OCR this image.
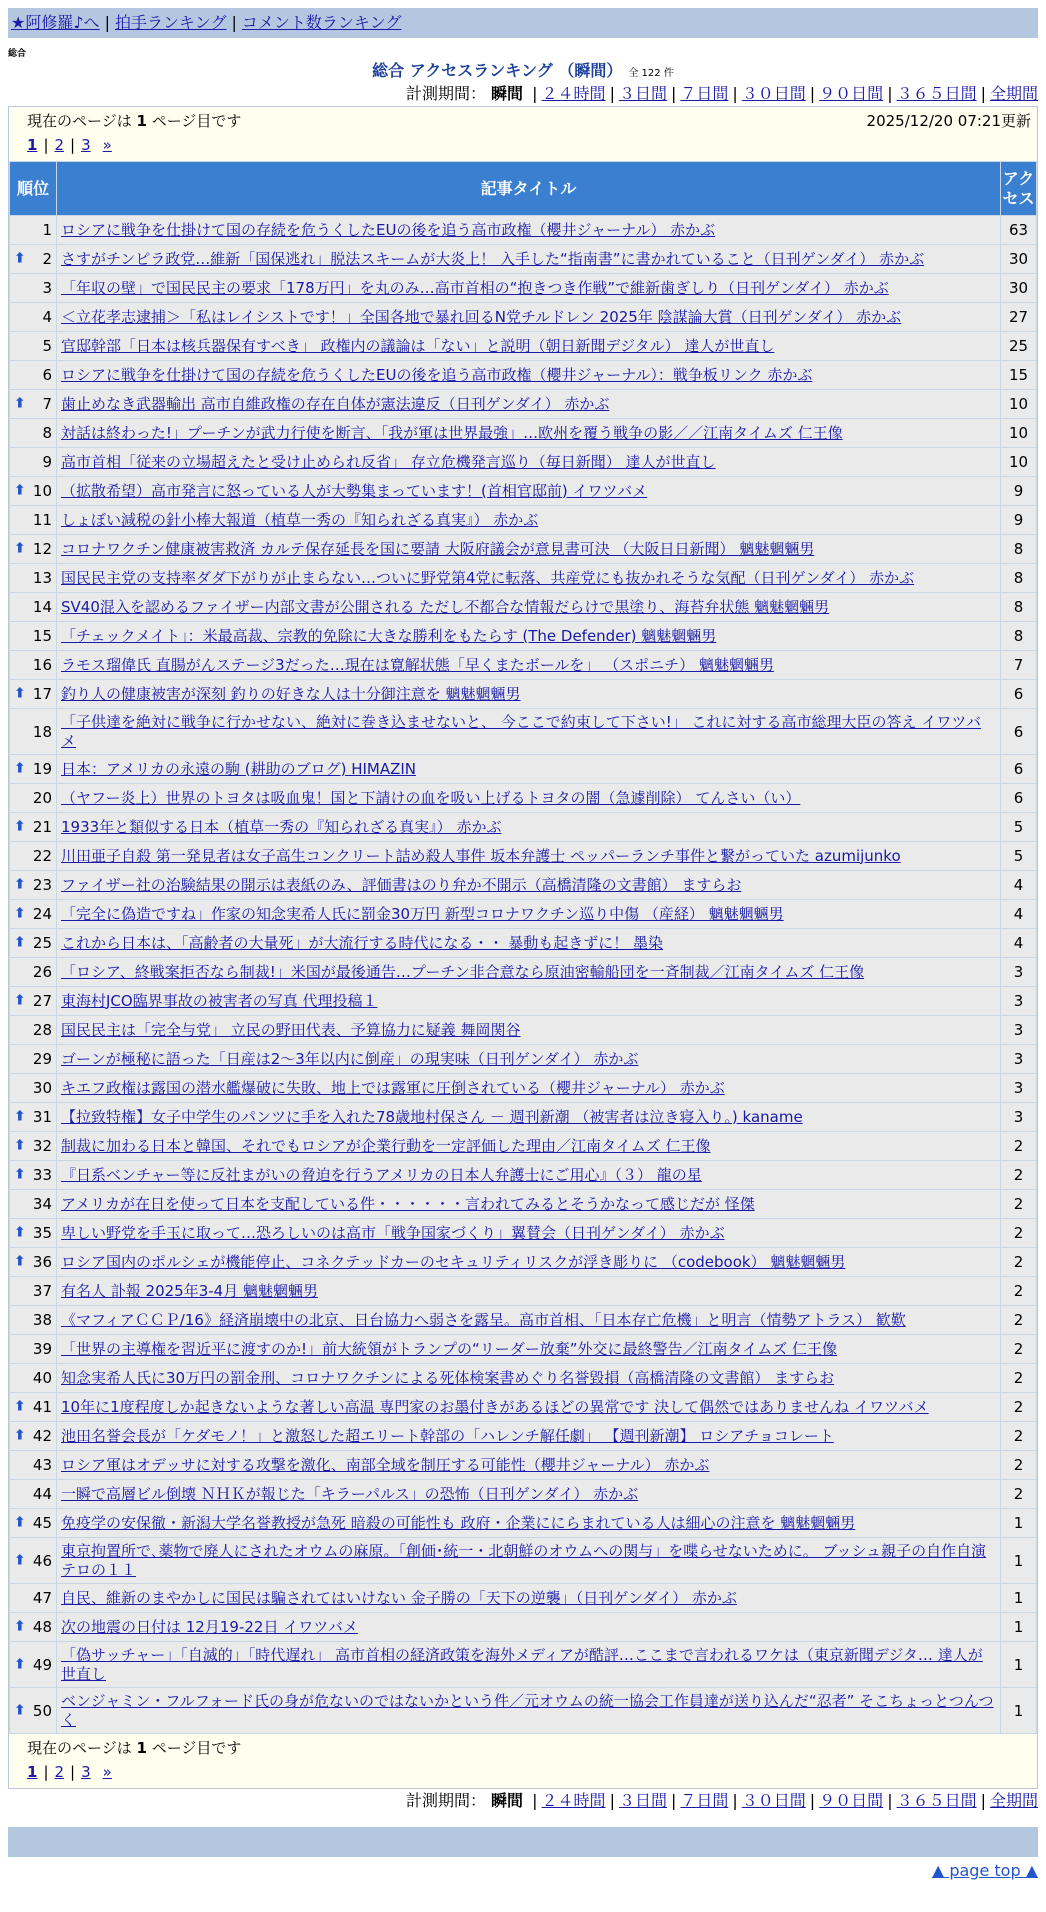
★阿修羅♪へ | 拍手ランキング | コメント数ランキング
総合
総合 アクセスランキング （瞬間） 全 122 件
計測期間： 瞬間 | ２４時間 | ３日間 | ７日間 | ３０日間 | ９０日間 | ３６５日間 | 全期間
現在のページは 1 ページ目です	2025/12/20 07:21更新
1 | 2 | 3 »
順位	記事タイトル	アクセス
1	ロシアに戦争を仕掛けて国の存続を危うくしたEUの後を追う高市政権（櫻井ジャーナル） 赤かぶ	63

⬆ 2	さすがチンピラ政党…維新「国保逃れ」脱法スキームが大炎上！ 入手した“指南書”に書かれていること（日刊ゲンダイ） 赤かぶ	30
3	「年収の壁」で国民民主の要求「178万円」を丸のみ…高市首相の“抱きつき作戦”で維新歯ぎしり（日刊ゲンダイ） 赤かぶ	30
4	＜立花孝志逮捕＞「私はレイシストです！」全国各地で暴れ回るN党チルドレン 2025年 陰謀論大賞（日刊ゲンダイ） 赤かぶ	27
5	官邸幹部「日本は核兵器保有すべき」 政権内の議論は「ない」と説明（朝日新聞デジタル） 達人が世直し	25
6	ロシアに戦争を仕掛けて国の存続を危うくしたEUの後を追う高市政権（櫻井ジャーナル）：戦争板リンク 赤かぶ	15

⬆ 7	歯止めなき武器輸出 高市自維政権の存在自体が憲法違反（日刊ゲンダイ） 赤かぶ	10
8	対話は終わった!」プーチンが武力行使を断言、「我が軍は世界最強」…欧州を覆う戦争の影／／江南タイムズ 仁王像	10
9	高市首相「従来の立場超えたと受け止められ反省」 存立危機発言巡り（毎日新聞） 達人が世直し	10

⬆ 10	（拡散希望）高市発言に怒っている人が大勢集まっています！(首相官邸前) イワツバメ	9
11	しょぼい減税の針小棒大報道（植草一秀の『知られざる真実』） 赤かぶ	9

⬆ 12	コロナワクチン健康被害救済 カルテ保存延長を国に要請 大阪府議会が意見書可決 （大阪日日新聞） 魑魅魍魎男	8
13	国民民主党の支持率ダダ下がりが止まらない…ついに野党第4党に転落、共産党にも抜かれそうな気配（日刊ゲンダイ） 赤かぶ	8
14	SV40混入を認めるファイザー内部文書が公開される ただし不都合な情報だらけで黒塗り、海苔弁状態 魑魅魍魎男	8
15	「チェックメイト」：米最高裁、宗教的免除に大きな勝利をもたらす (The Defender) 魑魅魍魎男	8
16	ラモス瑠偉氏 直腸がんステージ3だった…現在は寛解状態「早くまたボールを」 （スポニチ） 魑魅魍魎男	7

⬆ 17	釣り人の健康被害が深刻 釣りの好きな人は十分御注意を 魑魅魍魎男	6
18	「子供達を絶対に戦争に行かせない、絶対に巻き込ませないと、 今ここで約束して下さい!」 これに対する高市総理大臣の答え イワツバメ	6

⬆ 19	日本：アメリカの永遠の駒 (耕助のブログ) HIMAZIN	6
20	（ヤフー炎上）世界のトヨタは吸血鬼！国と下請けの血を吸い上げるトヨタの闇（急遽削除） てんさい（い）	6

⬆ 21	1933年と類似する日本（植草一秀の『知られざる真実』） 赤かぶ	5
22	川田亜子自殺 第一発見者は女子高生コンクリート詰め殺人事件 坂本弁護士 ペッパーランチ事件と繋がっていた azumijunko	5

⬆ 23	ファイザー社の治験結果の開示は表紙のみ、評価書はのり弁か不開示（高橋清隆の文書館） ますらお	4

⬆ 24	「完全に偽造ですね」作家の知念実希人氏に罰金30万円 新型コロナワクチン巡り中傷 （産経） 魑魅魍魎男	4

⬆ 25	これから日本は、「高齢者の大量死」が大流行する時代になる・・ 暴動も起きずに！ 墨染	4
26	「ロシア、終戦案拒否なら制裁!」米国が最後通告…プーチン非合意なら原油密輸船団を一斉制裁／江南タイムズ 仁王像	3

⬆ 27	東海村JCO臨界事故の被害者の写真 代理投稿１	3
28	国民民主は「完全与党」 立民の野田代表、予算協力に疑義 舞岡関谷	3
29	ゴーンが極秘に語った「日産は2～3年以内に倒産」の現実味（日刊ゲンダイ） 赤かぶ	3
30	キエフ政権は露国の潜水艦爆破に失敗、地上では露軍に圧倒されている（櫻井ジャーナル） 赤かぶ	3

⬆ 31	【拉致特権】女子中学生のパンツに手を入れた78歳地村保さん － 週刊新潮 （被害者は泣き寝入り。) kaname	3

⬆ 32	制裁に加わる日本と韓国、それでもロシアが企業行動を一定評価した理由／江南タイムズ 仁王像	2

⬆ 33	『日系ベンチャー等に反社まがいの脅迫を行うアメリカの日本人弁護士にご用心』（３） 龍の星	2
34	アメリカが在日を使って日本を支配している件・・・・・・言われてみるとそうかなって感じだが 怪傑	2

⬆ 35	卑しい野党を手玉に取って…恐ろしいのは高市「戦争国家づくり」翼賛会（日刊ゲンダイ） 赤かぶ	2

⬆ 36	ロシア国内のポルシェが機能停止、コネクテッドカーのセキュリティリスクが浮き彫りに （codebook） 魑魅魍魎男	2
37	有名人 訃報 2025年3-4月 魑魅魍魎男	2
38	《マフィアＣＣＰ/16》経済崩壊中の北京、日台協力へ弱さを露呈。高市首相、「日本存亡危機」と明言（情勢アトラス） 歓歎	2
39	「世界の主導権を習近平に渡すのか!」前大統領がトランプの“リーダー放棄”外交に最終警告／江南タイムズ 仁王像	2
40	知念実希人氏に30万円の罰金刑、コロナワクチンによる死体検案書めぐり名誉毀損（高橋清隆の文書館） ますらお	2

⬆ 41	10年に1度程度しか起きないような著しい高温 専門家のお墨付きがあるほどの異常です 決して偶然ではありませんね イワツバメ	2

⬆ 42	池田名誉会長が「ケダモノ！」と激怒した超エリート幹部の「ハレンチ解任劇」 【週刊新潮】 ロシアチョコレート	2
43	ロシア軍はオデッサに対する攻撃を激化、南部全域を制圧する可能性（櫻井ジャーナル） 赤かぶ	2
44	一瞬で高層ビル倒壊 ＮＨＫが報じた「キラーパルス」の恐怖（日刊ゲンダイ） 赤かぶ	2

⬆ 45	免疫学の安保徹・新潟大学名誉教授が急死 暗殺の可能性も 政府・企業ににらまれている人は細心の注意を 魑魅魍魎男	1

⬆ 46	東京拘置所で､薬物で廃人にされたオウムの麻原。「創価･統一・北朝鮮のオウムへの関与」を喋らせないために。 ブッシュ親子の自作自演テロの１１	1
47	自民、維新のまやかしに国民は騙されてはいけない 金子勝の「天下の逆襲」（日刊ゲンダイ） 赤かぶ	1

⬆ 48	次の地震の日付は 12月19-22日 イワツバメ	1

⬆ 49	「偽サッチャー」「自滅的」「時代遅れ」 高市首相の経済政策を海外メディアが酷評…ここまで言われるワケは（東京新聞デジタ… 達人が世直し	1

⬆ 50	ベンジャミン・フルフォード氏の身が危ないのではないかという件／元オウムの統一協会工作員達が送り込んだ“忍者” そこちょっとつんつく	1
現在のページは 1 ページ目です
1 | 2 | 3 »
計測期間： 瞬間 | ２４時間 | ３日間 | ７日間 | ３０日間 | ９０日間 | ３６５日間 | 全期間
▲ page top ▲
